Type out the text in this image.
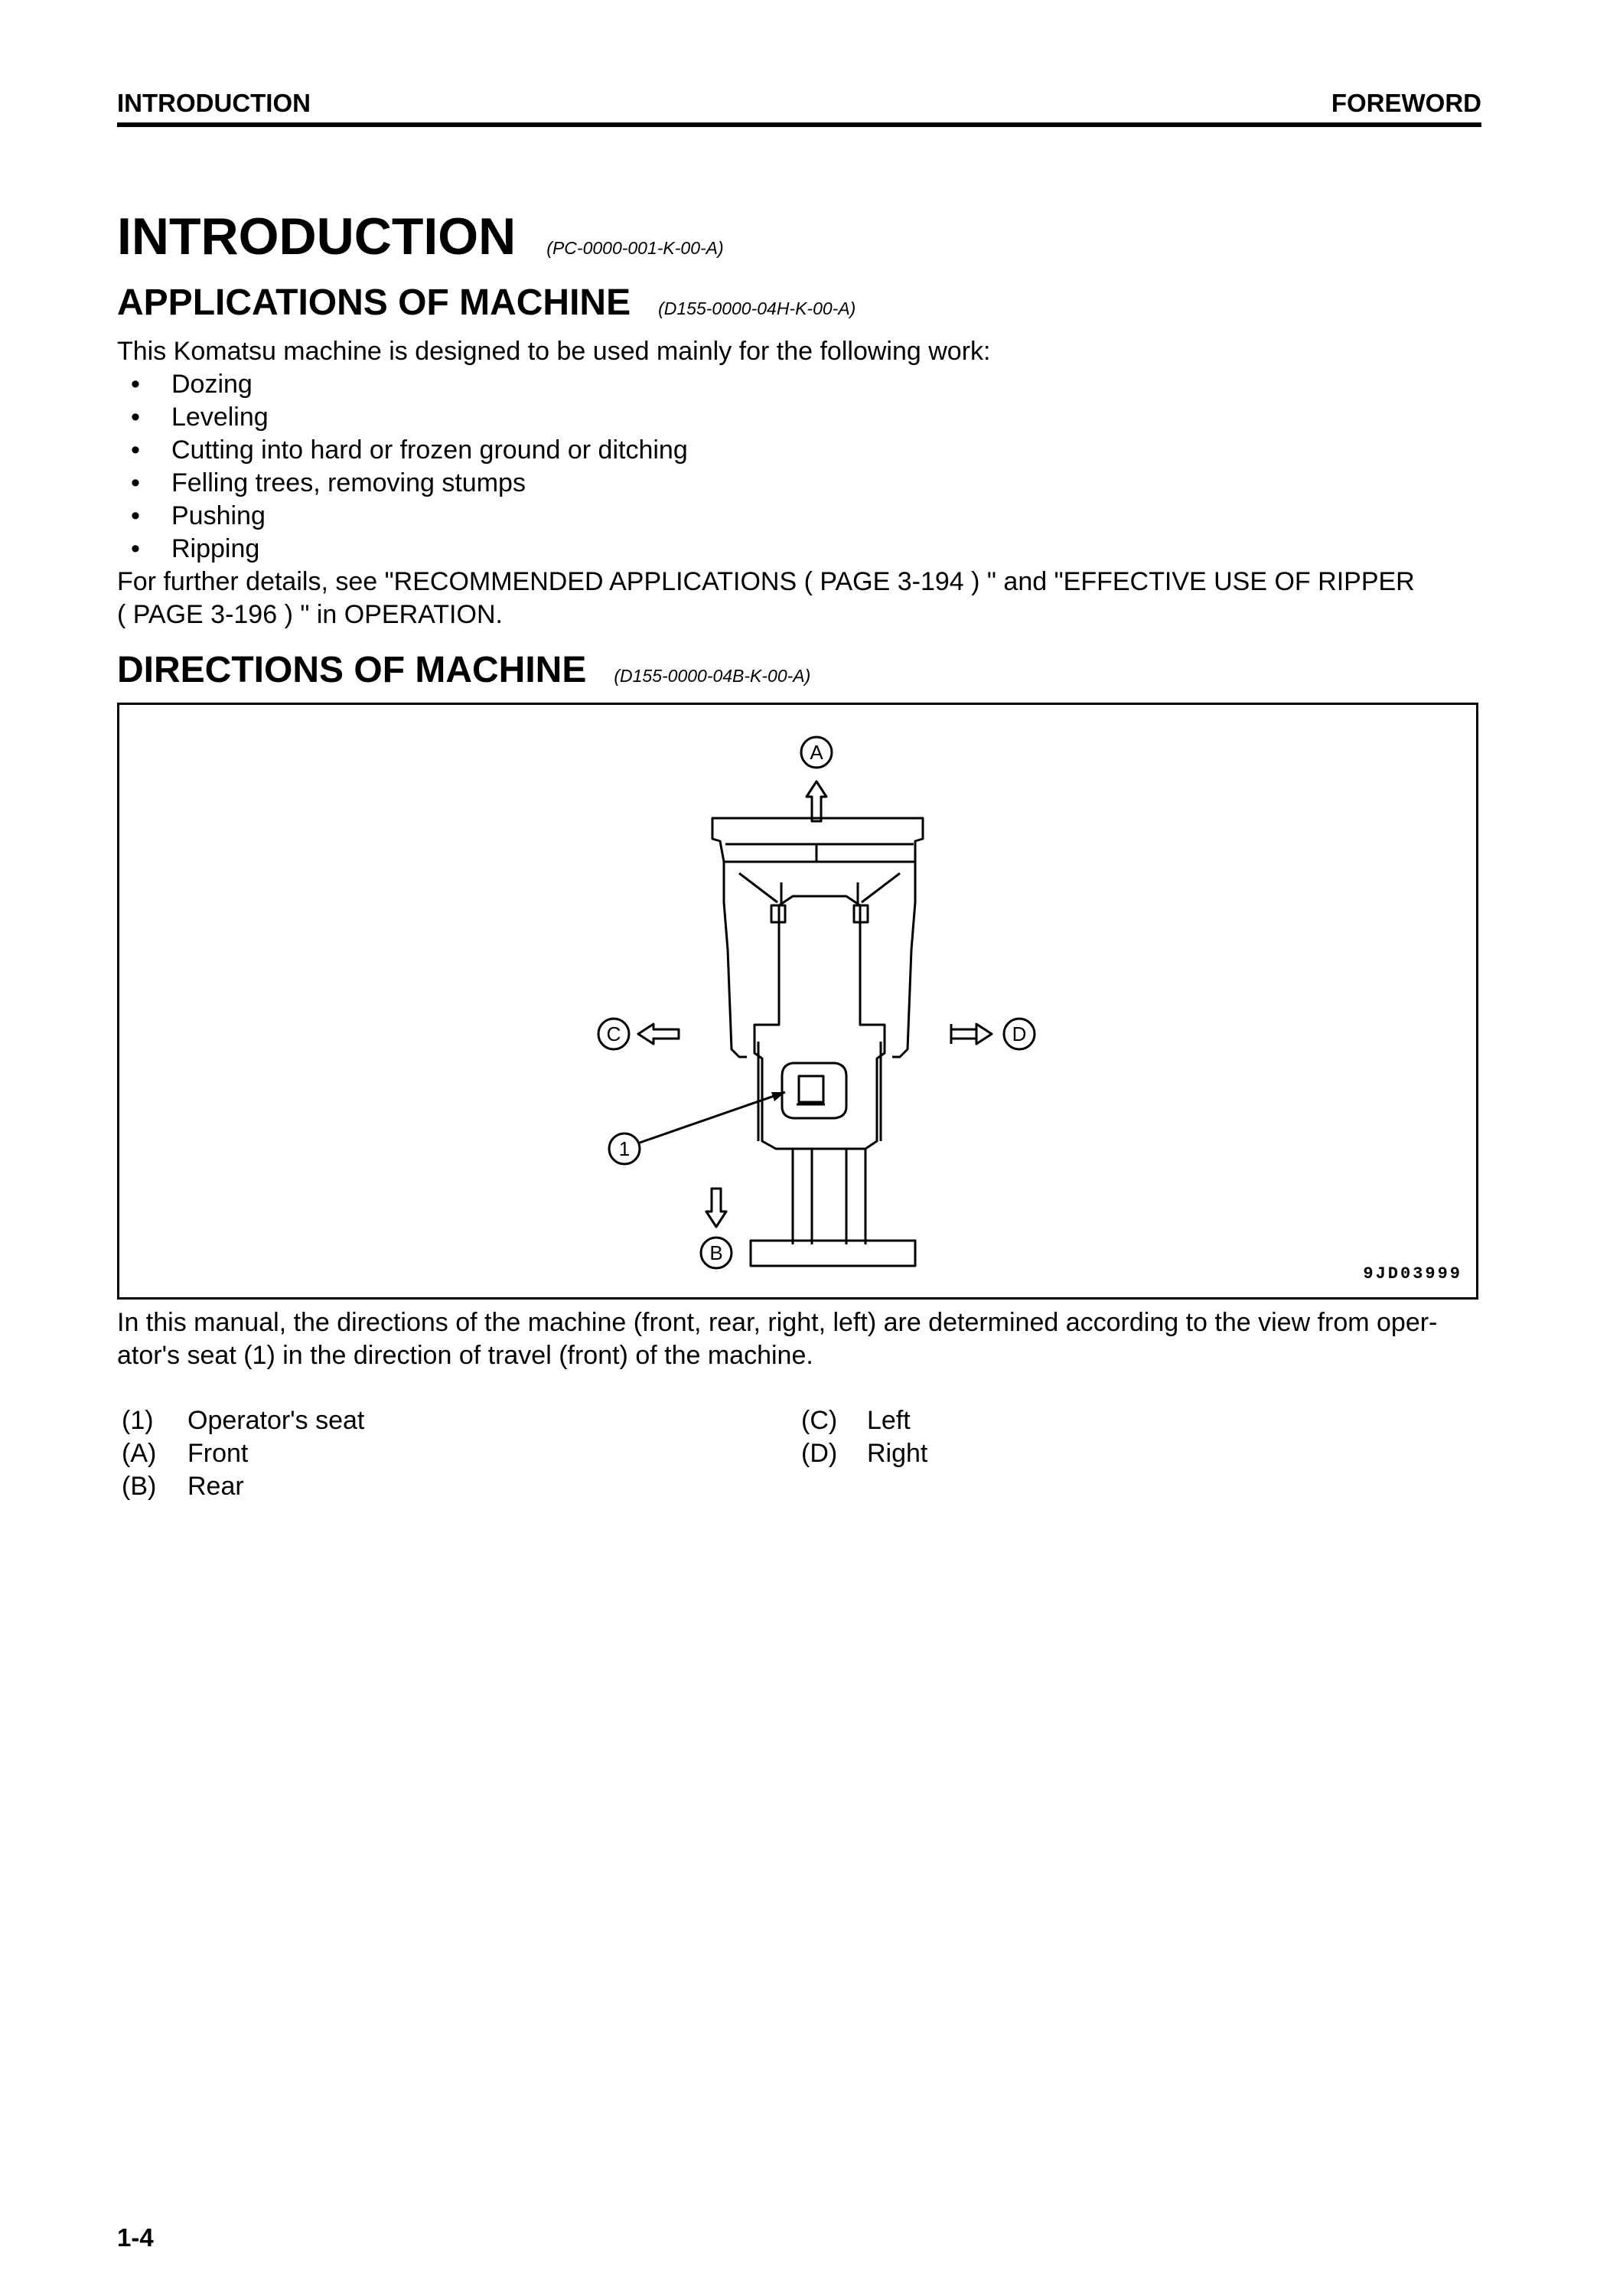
INTRODUCTION	FOREWORD
INTRODUCTION (PC-0000-001-K-00-A)
APPLICATIONS OF MACHINE (D155-0000-04H-K-00-A)
This Komatsu machine is designed to be used mainly for the following work:
• Dozing
• Leveling
• Cutting into hard or frozen ground or ditching
• Felling trees, removing stumps
• Pushing
• Ripping
For further details, see "RECOMMENDED APPLICATIONS ( PAGE 3-194 ) " and "EFFECTIVE USE OF RIPPER
( PAGE 3-196 ) " in OPERATION.
DIRECTIONS OF MACHINE (D155-0000-04B-K-00-A)
A
B
C	D
1
9JD03999
In this manual, the directions of the machine (front, rear, right, left) are determined according to the view from oper-
ator's seat (1) in the direction of travel (front) of the machine.
(1) Operator's seat
(A) Front
(B) Rear
(C) Left
(D) Right
1-4
